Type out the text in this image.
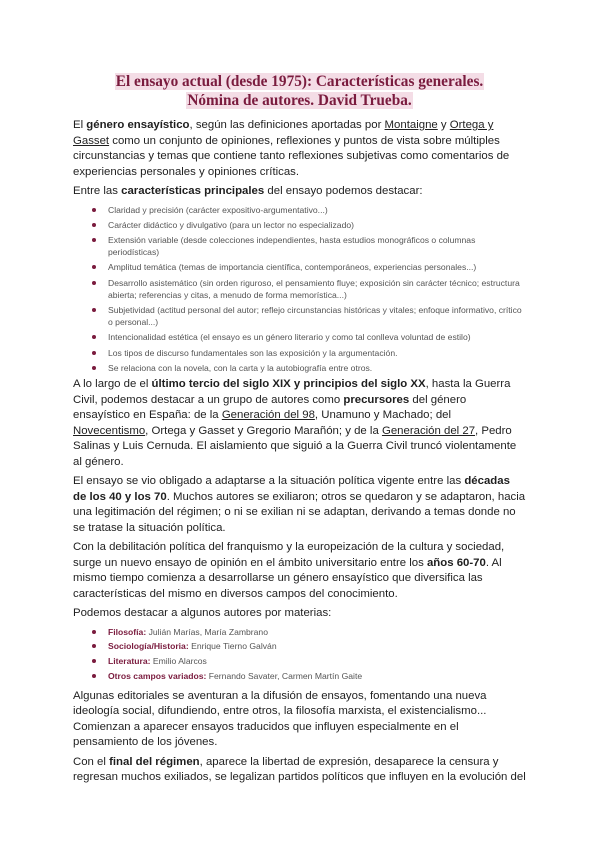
El ensayo actual (desde 1975): Características generales.
Nómina de autores. David Trueba.

El género ensayístico, según las definiciones aportadas por Montaigne y Ortega y Gasset como un conjunto de opiniones, reflexiones y puntos de vista sobre múltiples circunstancias y temas que contiene tanto reflexiones subjetivas como comentarios de experiencias personales y opiniones críticas.

Entre las características principales del ensayo podemos destacar:

Claridad y precisión (carácter expositivo-argumentativo...)
Carácter didáctico y divulgativo (para un lector no especializado)
Extensión variable (desde colecciones independientes, hasta estudios monográficos o columnas periodísticas)
Amplitud temática (temas de importancia científica, contemporáneos, experiencias personales...)
Desarrollo asistemático (sin orden riguroso, el pensamiento fluye; exposición sin carácter técnico; estructura abierta; referencias y citas, a menudo de forma memorística...)
Subjetividad (actitud personal del autor; reflejo circunstancias históricas y vitales; enfoque informativo, crítico o personal...)
Intencionalidad estética (el ensayo es un género literario y como tal conlleva voluntad de estilo)
Los tipos de discurso fundamentales son las exposición y la argumentación.
Se relaciona con la novela, con la carta y la autobiografía entre otros.

A lo largo de el último tercio del siglo XIX y principios del siglo XX, hasta la Guerra Civil, podemos destacar a un grupo de autores como precursores del género ensayístico en España: de la Generación del 98, Unamuno y Machado; del Novecentismo, Ortega y Gasset y Gregorio Marañón; y de la Generación del 27, Pedro Salinas y Luis Cernuda. El aislamiento que siguió a la Guerra Civil truncó violentamente al género.

El ensayo se vio obligado a adaptarse a la situación política vigente entre las décadas de los 40 y los 70. Muchos autores se exiliaron; otros se quedaron y se adaptaron, hacia una legitimación del régimen; o ni se exilian ni se adaptan, derivando a temas donde no se tratase la situación política.

Con la debilitación política del franquismo y la europeización de la cultura y sociedad, surge un nuevo ensayo de opinión en el ámbito universitario entre los años 60-70. Al mismo tiempo comienza a desarrollarse un género ensayístico que diversifica las características del mismo en diversos campos del conocimiento.

Podemos destacar a algunos autores por materias:

Filosofía: Julián Marías, María Zambrano
Sociología/Historia: Enrique Tierno Galván
Literatura: Emilio Alarcos
Otros campos variados: Fernando Savater, Carmen Martín Gaite

Algunas editoriales se aventuran a la difusión de ensayos, fomentando una nueva ideología social, difundiendo, entre otros, la filosofía marxista, el existencialismo... Comienzan a aparecer ensayos traducidos que influyen especialmente en el pensamiento de los jóvenes.

Con el final del régimen, aparece la libertad de expresión, desaparece la censura y regresan muchos exiliados, se legalizan partidos políticos que influyen en la evolución del
